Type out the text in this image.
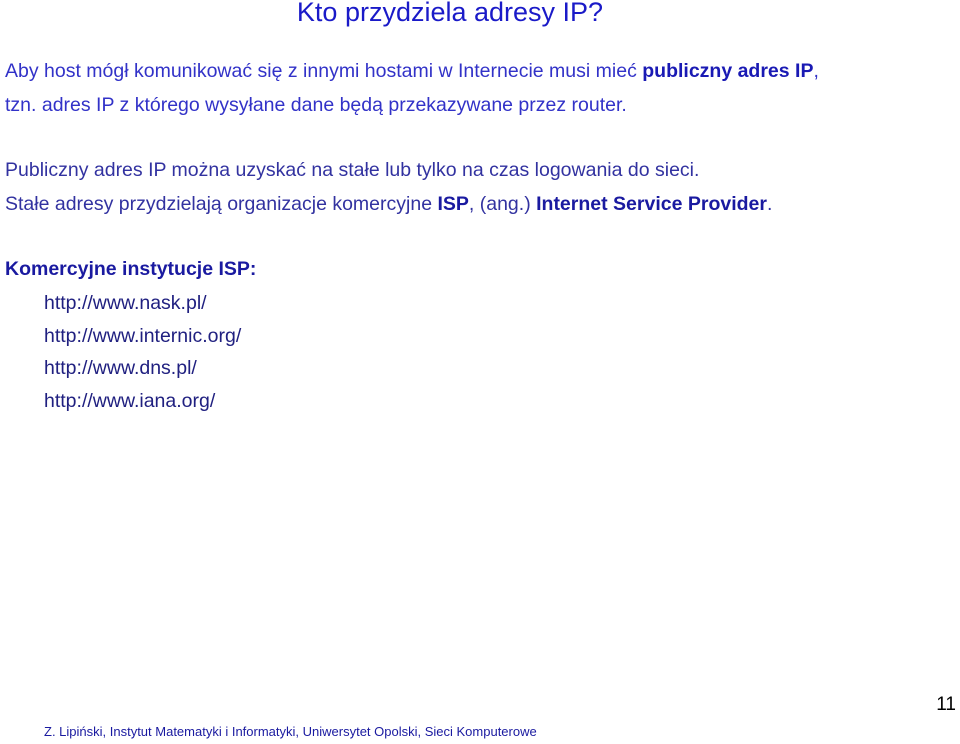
Kto przydziela adresy IP?
Aby host mógł komunikować się z innymi hostami w Internecie musi mieć publiczny adres IP,
tzn. adres IP z którego wysyłane dane będą przekazywane przez router.
Publiczny adres IP można uzyskać na stałe lub tylko na czas logowania do sieci.
Stałe adresy przydzielają organizacje komercyjne ISP, (ang.) Internet Service Provider.
Komercyjne instytucje ISP:
http://www.nask.pl/
http://www.internic.org/
http://www.dns.pl/
http://www.iana.org/
Z. Lipiński, Instytut Matematyki i Informatyki, Uniwersytet Opolski, Sieci Komputerowe
11
